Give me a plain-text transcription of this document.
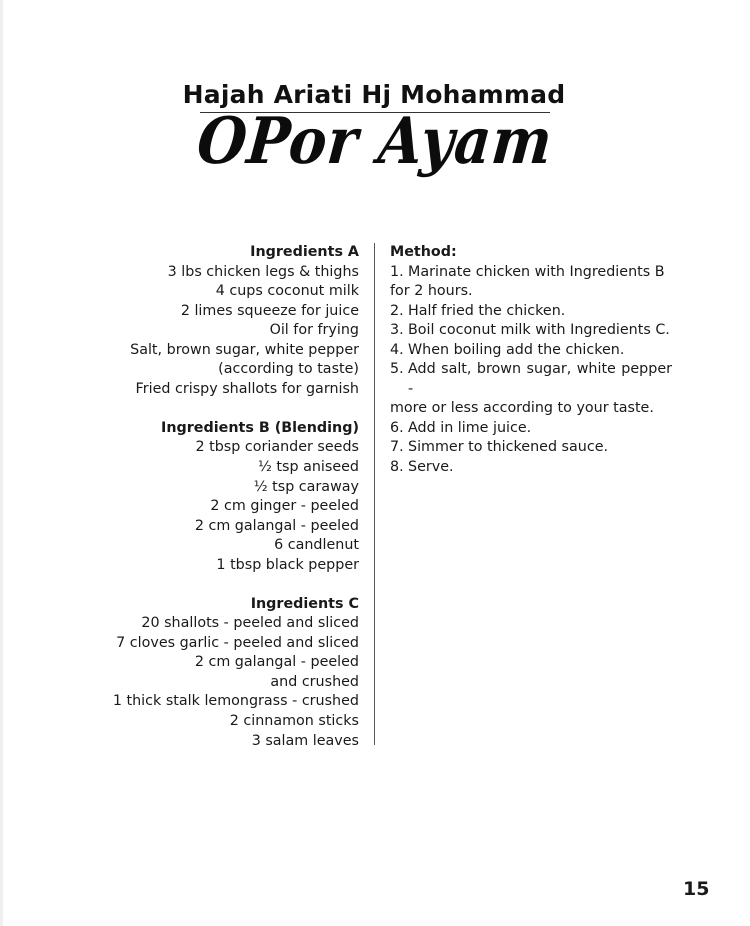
Hajah Ariati Hj Mohammad
OPor Ayam
Ingredients A
3 lbs chicken legs & thighs
4 cups coconut milk
2 limes squeeze for juice
Oil for frying
Salt, brown sugar, white pepper
(according to taste)
Fried crispy shallots for garnish
Ingredients B (Blending)
2 tbsp coriander seeds
½ tsp aniseed
½ tsp caraway
2 cm ginger - peeled
2 cm galangal - peeled
6 candlenut
1 tbsp black pepper
Ingredients C
20 shallots - peeled and sliced
7 cloves garlic - peeled and sliced
2 cm galangal - peeled
and crushed
1 thick stalk lemongrass - crushed
2 cinnamon sticks
3 salam leaves
Method:
1. Marinate chicken with Ingredients B
for 2 hours.
2. Half fried the chicken.
3. Boil coconut milk with Ingredients C.
4. When boiling add the chicken.
5. Add salt, brown sugar, white pepper -
more or less according to your taste.
6. Add in lime juice.
7. Simmer to thickened sauce.
8. Serve.
15
